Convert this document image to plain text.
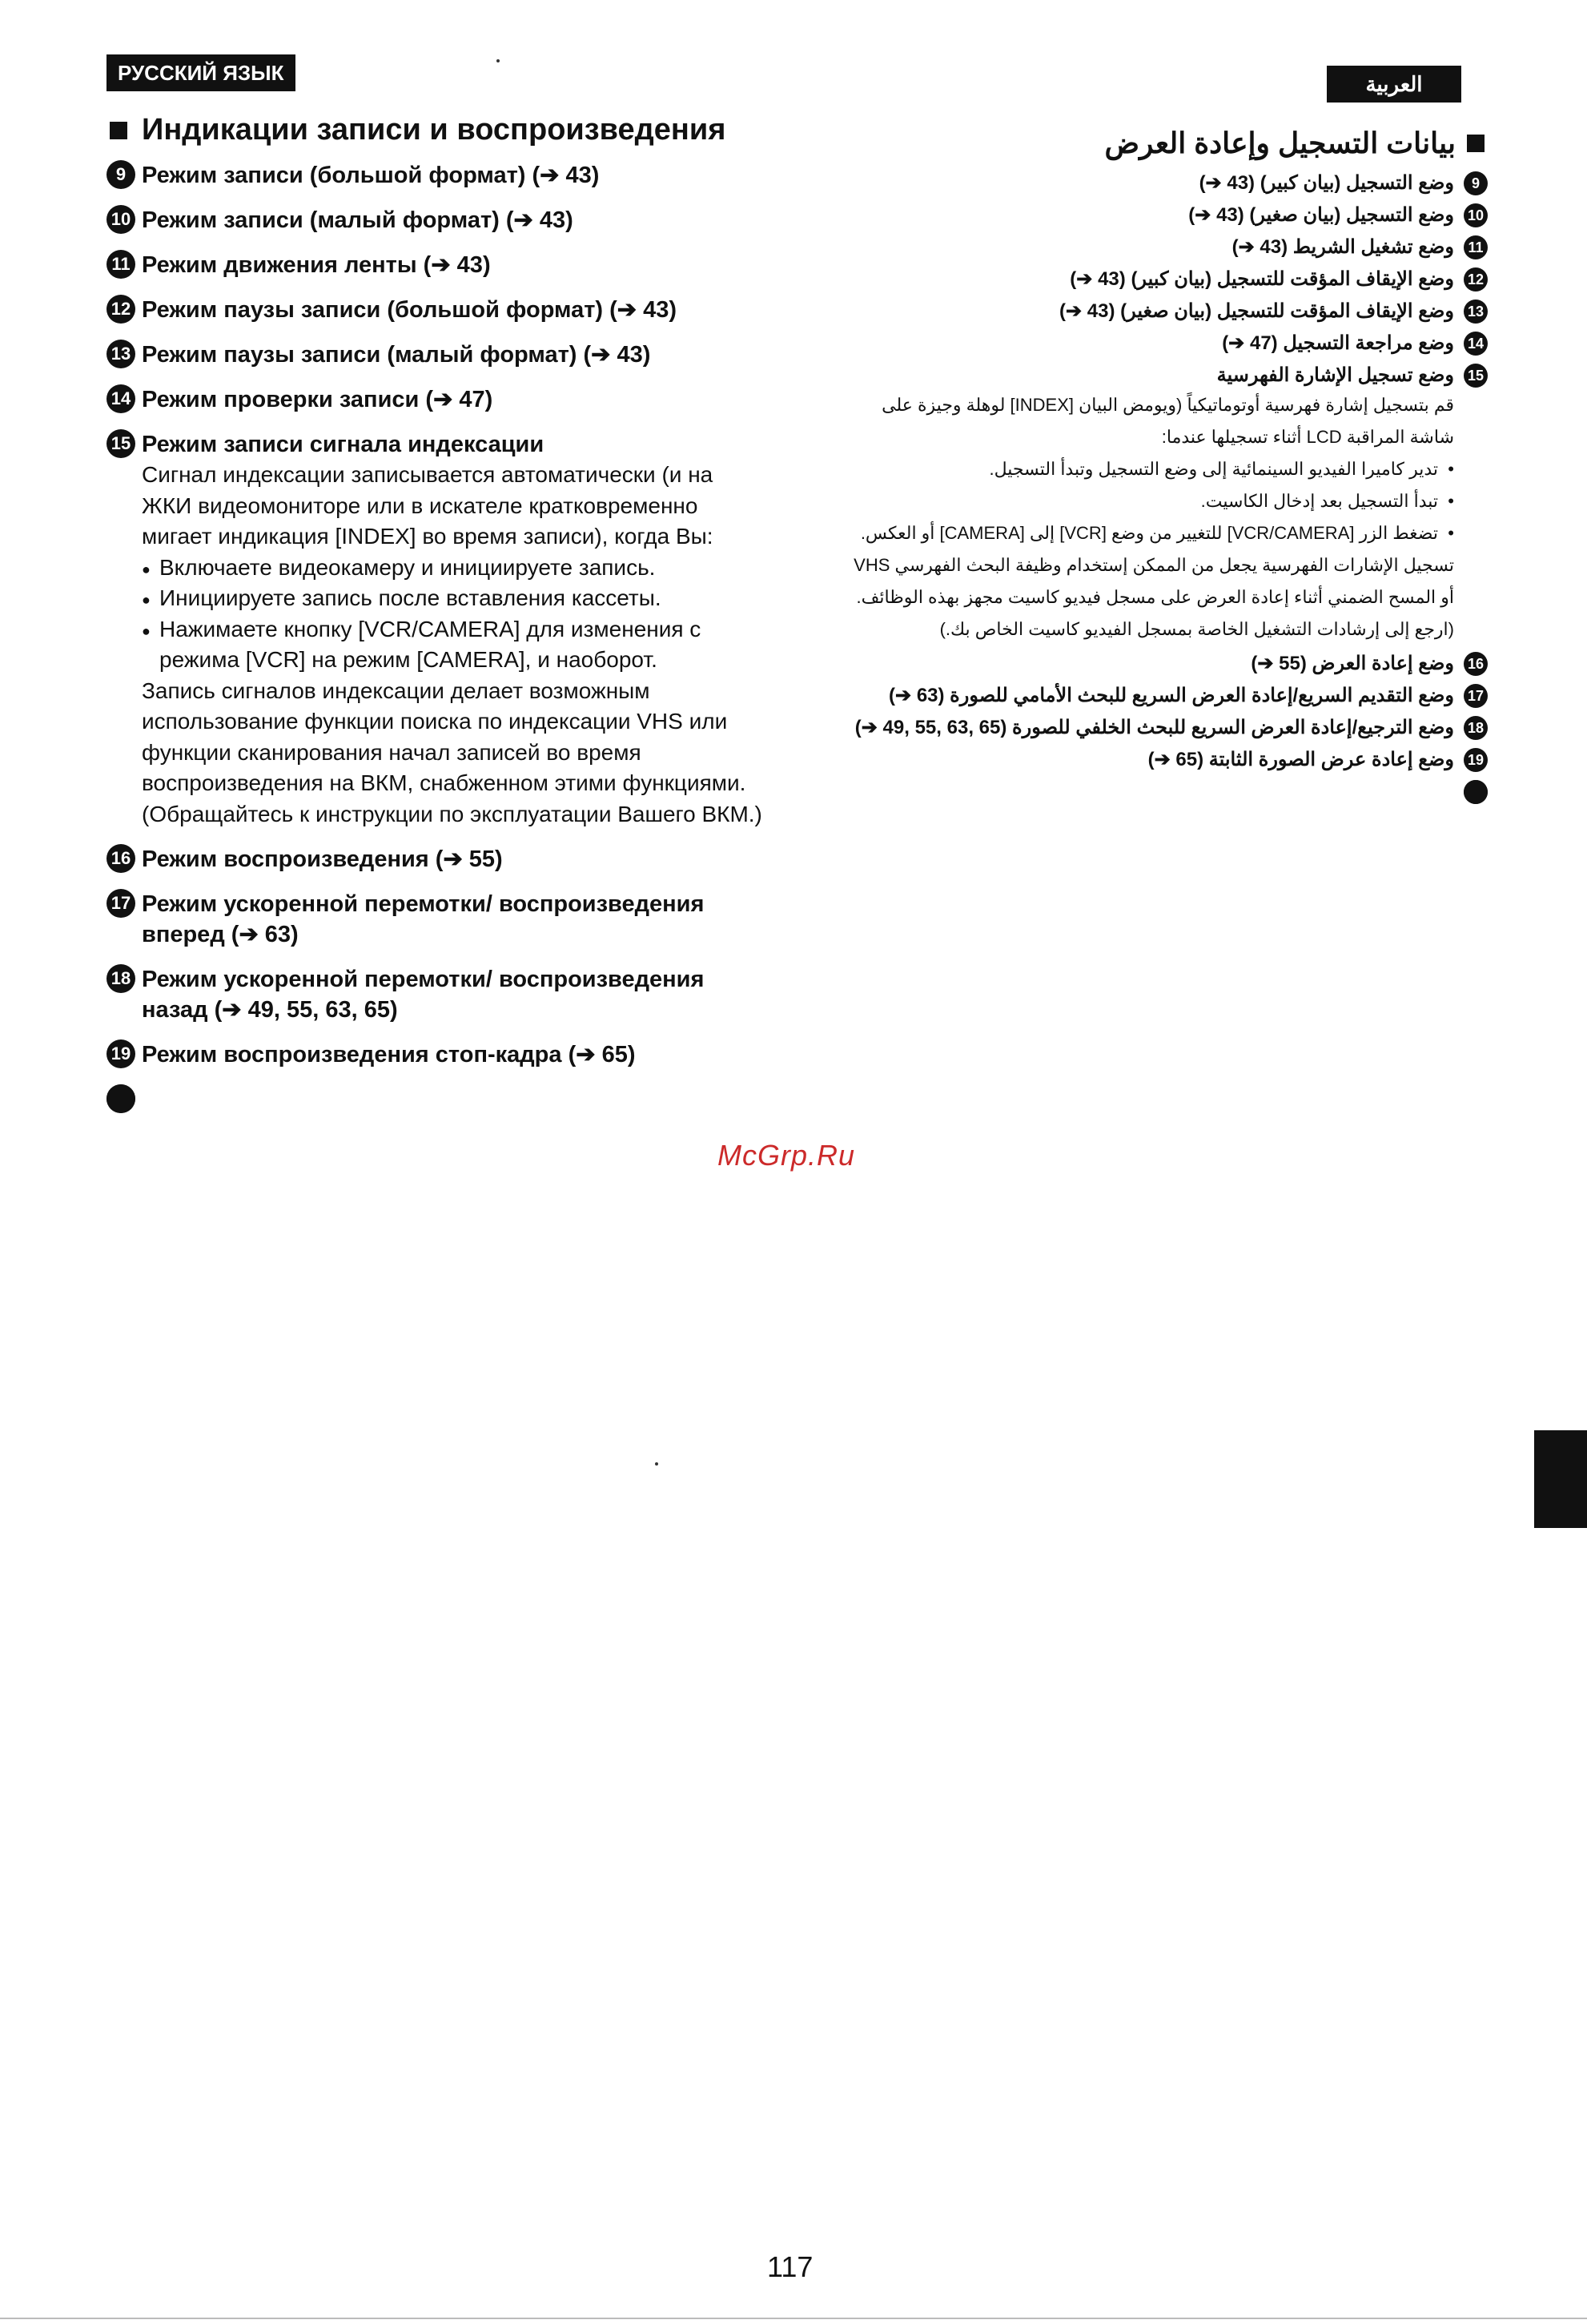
РУССКИЙ ЯЗЫК	العربية
Индикации записи и воспроизведения
9 Режим записи (большой формат) (➔ 43)
10 Режим записи (малый формат) (➔ 43)
11 Режим движения ленты (➔ 43)
12 Режим паузы записи (большой формат) (➔ 43)
13 Режим паузы записи (малый формат) (➔ 43)
14 Режим проверки записи (➔ 47)
15 Режим записи сигнала индексации

Сигнал индексации записывается автоматически (и на ЖКИ видеомониторе или в искателе кратковременно мигает индикация [INDEX] во время записи), когда Вы:

● Включаете видеокамеру и инициируете запись.
● Инициируете запись после вставления кассеты.
● Нажимаете кнопку [VCR/CAMERA] для изменения с режима [VCR] на режим [CAMERA], и наоборот.

Запись сигналов индексации делает возможным использование функции поиска по индексации VHS или функции сканирования начал записей во время воспроизведения на ВКМ, снабженном этими функциями.

(Обращайтесь к инструкции по эксплуатации Вашего ВКМ.)

16 Режим воспроизведения (➔ 55)
17 Режим ускоренной перемотки/ воспроизведения вперед (➔ 63)
18 Режим ускоренной перемотки/ воспроизведения назад (➔ 49, 55, 63, 65)
19 Режим воспроизведения стоп-кадра (➔ 65)
بيانات التسجيل وإعادة العرض
9
وضع التسجيل (بيان كبير) (43 ➔)
10
وضع التسجيل (بيان صغير) (43 ➔)
11
وضع تشغيل الشريط (43 ➔)
12
وضع الإيقاف المؤقت للتسجيل (بيان كبير) (43 ➔)
13
وضع الإيقاف المؤقت للتسجيل (بيان صغير) (43 ➔)
14
وضع مراجعة التسجيل (47 ➔)
15
وضع تسجيل الإشارة الفهرسية
قم بتسجيل إشارة فهرسية أوتوماتيكياً (ويومض البيان [INDEX] لوهلة وجيزة على شاشة المراقبة LCD أثناء تسجيلها عندما:
• تدير كاميرا الفيديو السينمائية إلى وضع التسجيل وتبدأ التسجيل.
• تبدأ التسجيل بعد إدخال الكاسيت.
• تضغط الزر [VCR/CAMERA] للتغيير من وضع [VCR] إلى [CAMERA] أو العكس.
تسجيل الإشارات الفهرسية يجعل من الممكن إستخدام وظيفة البحث الفهرسي VHS أو المسح الضمني أثناء إعادة العرض على مسجل فيديو كاسيت مجهز بهذه الوظائف.
(ارجع إلى إرشادات التشغيل الخاصة بمسجل الفيديو كاسيت الخاص بك.)
16
وضع إعادة العرض (55 ➔)
17
وضع التقديم السريع/إعادة العرض السريع للبحث الأمامي للصورة (63 ➔)
18
وضع الترجيع/إعادة العرض السريع للبحث الخلفي للصورة (65 ,63 ,55 ,49 ➔)
19
وضع إعادة عرض الصورة الثابتة (65 ➔)
McGrp.Ru
117
